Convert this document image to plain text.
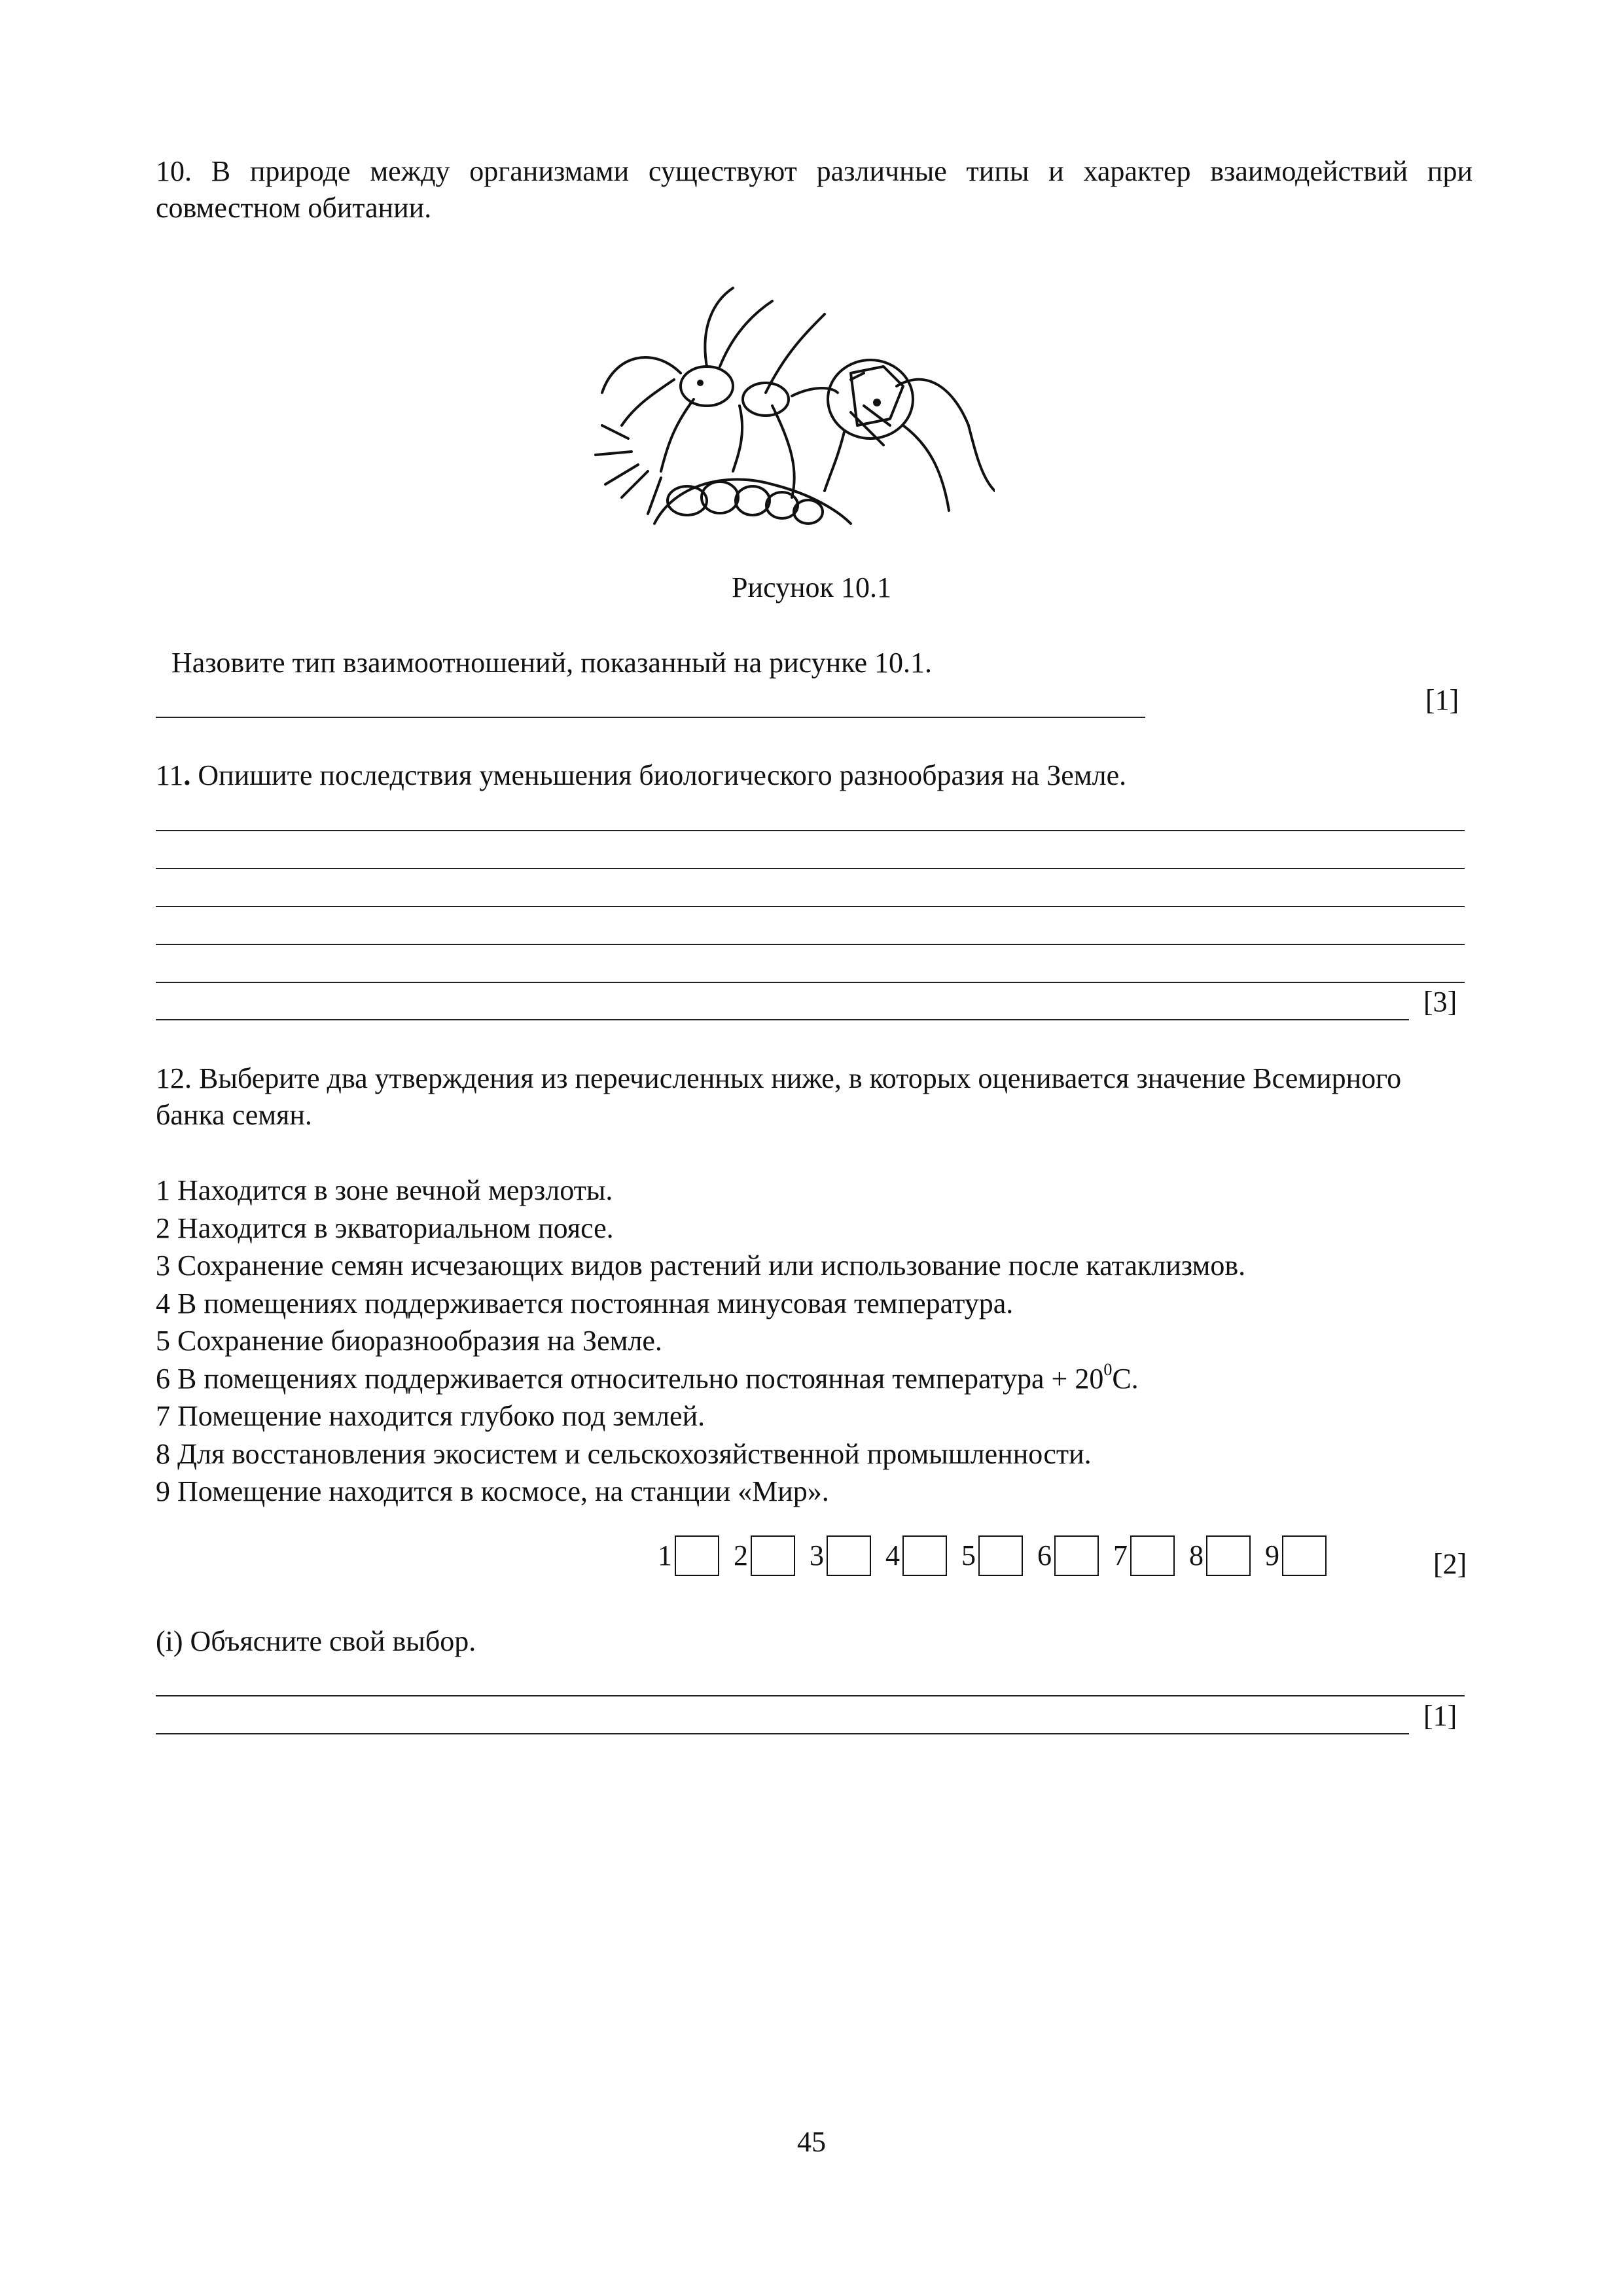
10. В природе между организмами существуют различные типы и характер взаимодействий при совместном обитании.
Рисунок 10.1
Назовите тип взаимоотношений, показанный на рисунке 10.1.
[1]
11. Опишите последствия уменьшения биологического разнообразия на Земле.
[3]
12. Выберите два утверждения из перечисленных ниже, в которых оценивается значение Всемирного банка семян.

1 Находится в зоне вечной мерзлоты.

2 Находится в экваториальном поясе.

3 Сохранение семян исчезающих видов растений или использование после катаклизмов.

4 В помещениях поддерживается постоянная минусовая температура.

5 Сохранение биоразнообразия на Земле.

6 В помещениях поддерживается относительно постоянная температура + $20^0С$.

7 Помещение находится глубоко под землей.

8 Для восстановления экосистем и сельскохозяйственной промышленности.

9 Помещение находится в космосе, на станции «Мир».

1 2 3 4 5 6 7 8 9	[2]
(i) Объясните свой выбор.
[1]
45
